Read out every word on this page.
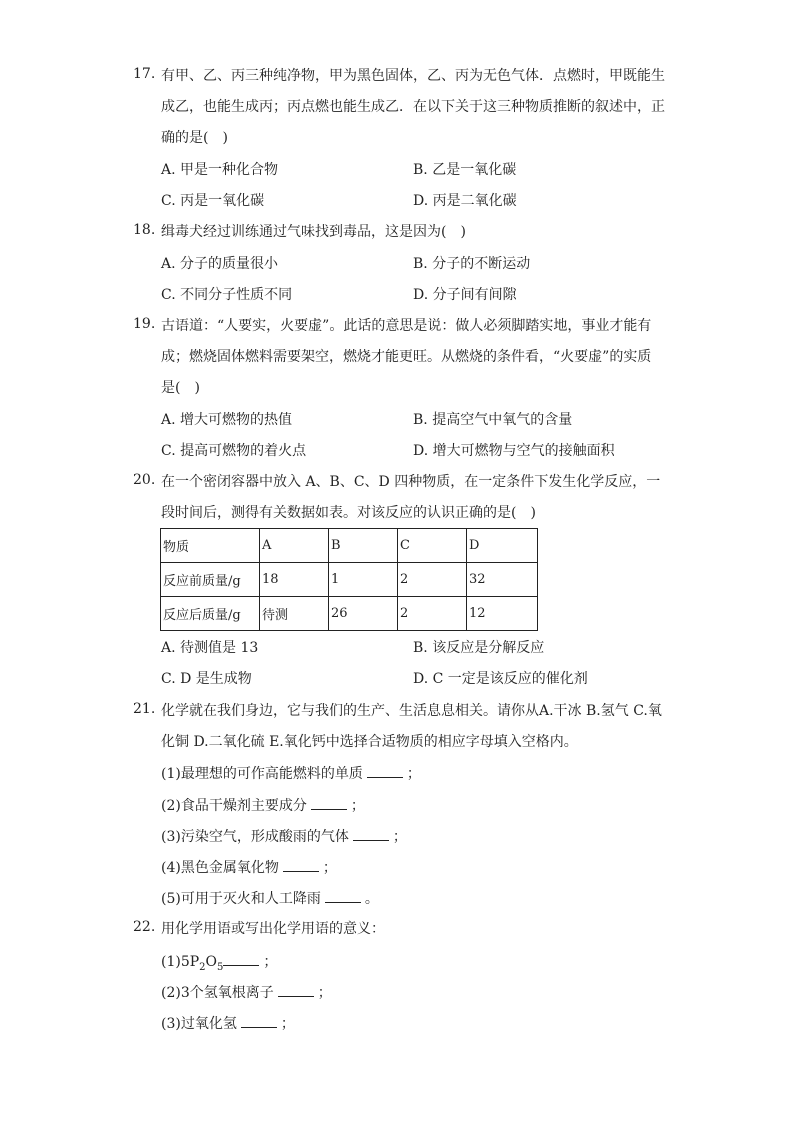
17. 有甲、乙、丙三种纯净物，甲为黑色固体，乙、丙为无色气体．点燃时，甲既能生
成乙，也能生成丙；丙点燃也能生成乙．在以下关于这三种物质推断的叙述中，正
确的是(　)
A. 甲是一种化合物	B. 乙是一氧化碳
C. 丙是一氧化碳	D. 丙是二氧化碳
18. 缉毒犬经过训练通过气味找到毒品，这是因为(　)
A. 分子的质量很小	B. 分子的不断运动
C. 不同分子性质不同	D. 分子间有间隙
19. 古语道：“人要实，火要虚”。此话的意思是说：做人必须脚踏实地，事业才能有
成；燃烧固体燃料需要架空，燃烧才能更旺。从燃烧的条件看，“火要虚”的实质
是(　)
A. 增大可燃物的热值	B. 提高空气中氧气的含量
C. 提高可燃物的着火点	D. 增大可燃物与空气的接触面积
20. 在一个密闭容器中放入 A、B、C、D 四种物质，在一定条件下发生化学反应，一
段时间后，测得有关数据如表。对该反应的认识正确的是(　)
物质	A	B	C	D
反应前质量/g	18	1	2	32
反应后质量/g	待测	26	2	12
A. 待测值是 13	B. 该反应是分解反应
C. D 是生成物	D. C 一定是该反应的催化剂
21. 化学就在我们身边，它与我们的生产、生活息息相关。请你从A.干冰 B.氢气 C.氧
化铜 D.二氧化硫 E.氧化钙中选择合适物质的相应字母填入空格内。
(1)最理想的可作高能燃料的单质	；
(2)食品干燥剂主要成分	；
(3)污染空气，形成酸雨的气体	；
(4)黑色金属氧化物	；
(5)可用于灭火和人工降雨	。
22. 用化学用语或写出化学用语的意义：
$(1)5P_2O_5$	；
(2)3个氢氧根离子	；
(3)过氧化氢	；
